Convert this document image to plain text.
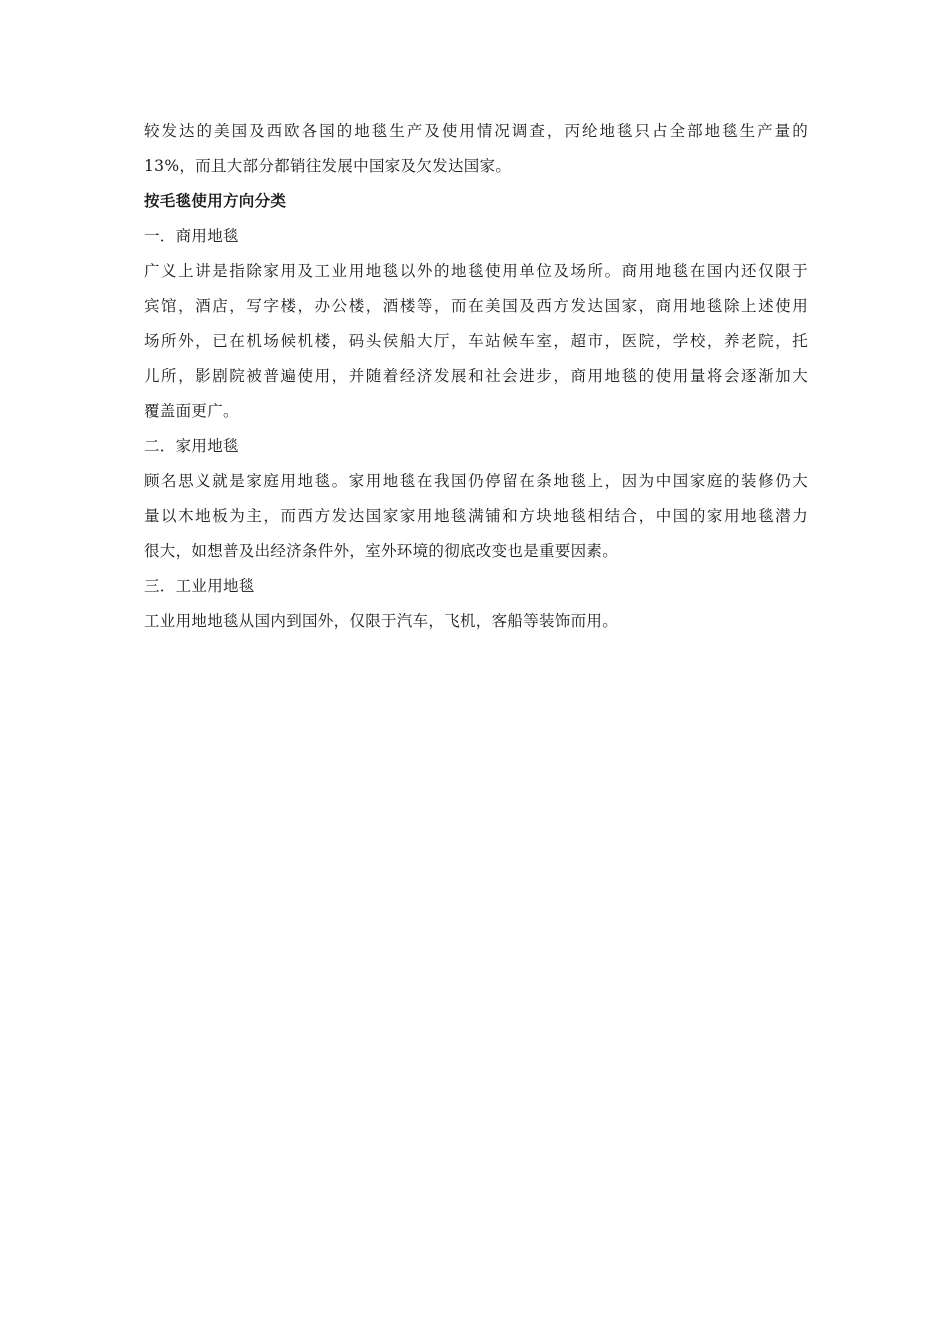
较发达的美国及西欧各国的地毯生产及使用情况调查，丙纶地毯只占全部地毯生产量的
13%，而且大部分都销往发展中国家及欠发达国家。
按毛毯使用方向分类
一．商用地毯
广义上讲是指除家用及工业用地毯以外的地毯使用单位及场所。商用地毯在国内还仅限于
宾馆，酒店，写字楼，办公楼，酒楼等，而在美国及西方发达国家，商用地毯除上述使用
场所外，已在机场候机楼，码头侯船大厅，车站候车室，超市，医院，学校，养老院，托
儿所，影剧院被普遍使用，并随着经济发展和社会进步，商用地毯的使用量将会逐渐加大
覆盖面更广。
二．家用地毯
顾名思义就是家庭用地毯。家用地毯在我国仍停留在条地毯上，因为中国家庭的装修仍大
量以木地板为主，而西方发达国家家用地毯满铺和方块地毯相结合，中国的家用地毯潜力
很大，如想普及出经济条件外，室外环境的彻底改变也是重要因素。
三．工业用地毯
工业用地地毯从国内到国外，仅限于汽车，飞机，客船等装饰而用。
